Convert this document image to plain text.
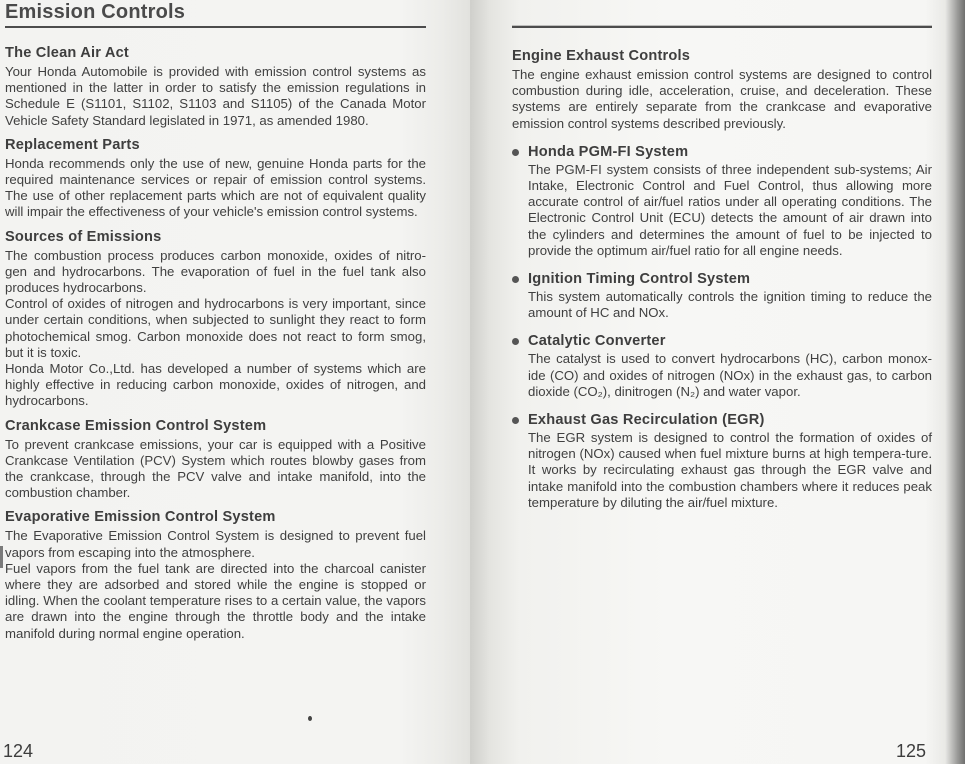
Emission Controls
The Clean Air Act

Your Honda Automobile is provided with emission control systems as mentioned in the latter in order to satisfy the emission regulations in Schedule E (S1101, S1102, S1103 and S1105) of the Canada Motor Vehicle Safety Standard legislated in 1971, as amended 1980.

Replacement Parts

Honda recommends only the use of new, genuine Honda parts for the required maintenance services or repair of emission control systems. The use of other replacement parts which are not of equivalent quality will impair the effectiveness of your vehicle's emission control systems.

Sources of Emissions

The combustion process produces carbon monoxide, oxides of nitro-gen and hydrocarbons. The evaporation of fuel in the fuel tank also produces hydrocarbons.

Control of oxides of nitrogen and hydrocarbons is very important, since under certain conditions, when subjected to sunlight they react to form photochemical smog. Carbon monoxide does not react to form smog, but it is toxic.

Honda Motor Co.,Ltd. has developed a number of systems which are highly effective in reducing carbon monoxide, oxides of nitrogen, and hydrocarbons.

Crankcase Emission Control System

To prevent crankcase emissions, your car is equipped with a Positive Crankcase Ventilation (PCV) System which routes blowby gases from the crankcase, through the PCV valve and intake manifold, into the combustion chamber.

Evaporative Emission Control System

The Evaporative Emission Control System is designed to prevent fuel vapors from escaping into the atmosphere.

Fuel vapors from the fuel tank are directed into the charcoal canister where they are adsorbed and stored while the engine is stopped or idling. When the coolant temperature rises to a certain value, the vapors are drawn into the engine through the throttle body and the intake manifold during normal engine operation.

124
Engine Exhaust Controls

The engine exhaust emission control systems are designed to control combustion during idle, acceleration, cruise, and deceleration. These systems are entirely separate from the crankcase and evaporative emission control systems described previously.

Honda PGM-FI System

The PGM-FI system consists of three independent sub-systems; Air Intake, Electronic Control and Fuel Control, thus allowing more accurate control of air/fuel ratios under all operating conditions. The Electronic Control Unit (ECU) detects the amount of air drawn into the cylinders and determines the amount of fuel to be injected to provide the optimum air/fuel ratio for all engine needs.

Ignition Timing Control System

This system automatically controls the ignition timing to reduce the amount of HC and NOx.

Catalytic Converter

The catalyst is used to convert hydrocarbons (HC), carbon monox-ide (CO) and oxides of nitrogen (NOx) in the exhaust gas, to carbon dioxide (CO₂), dinitrogen (N₂) and water vapor.

Exhaust Gas Recirculation (EGR)

The EGR system is designed to control the formation of oxides of nitrogen (NOx) caused when fuel mixture burns at high tempera-ture. It works by recirculating exhaust gas through the EGR valve and intake manifold into the combustion chambers where it reduces peak temperature by diluting the air/fuel mixture.

125
